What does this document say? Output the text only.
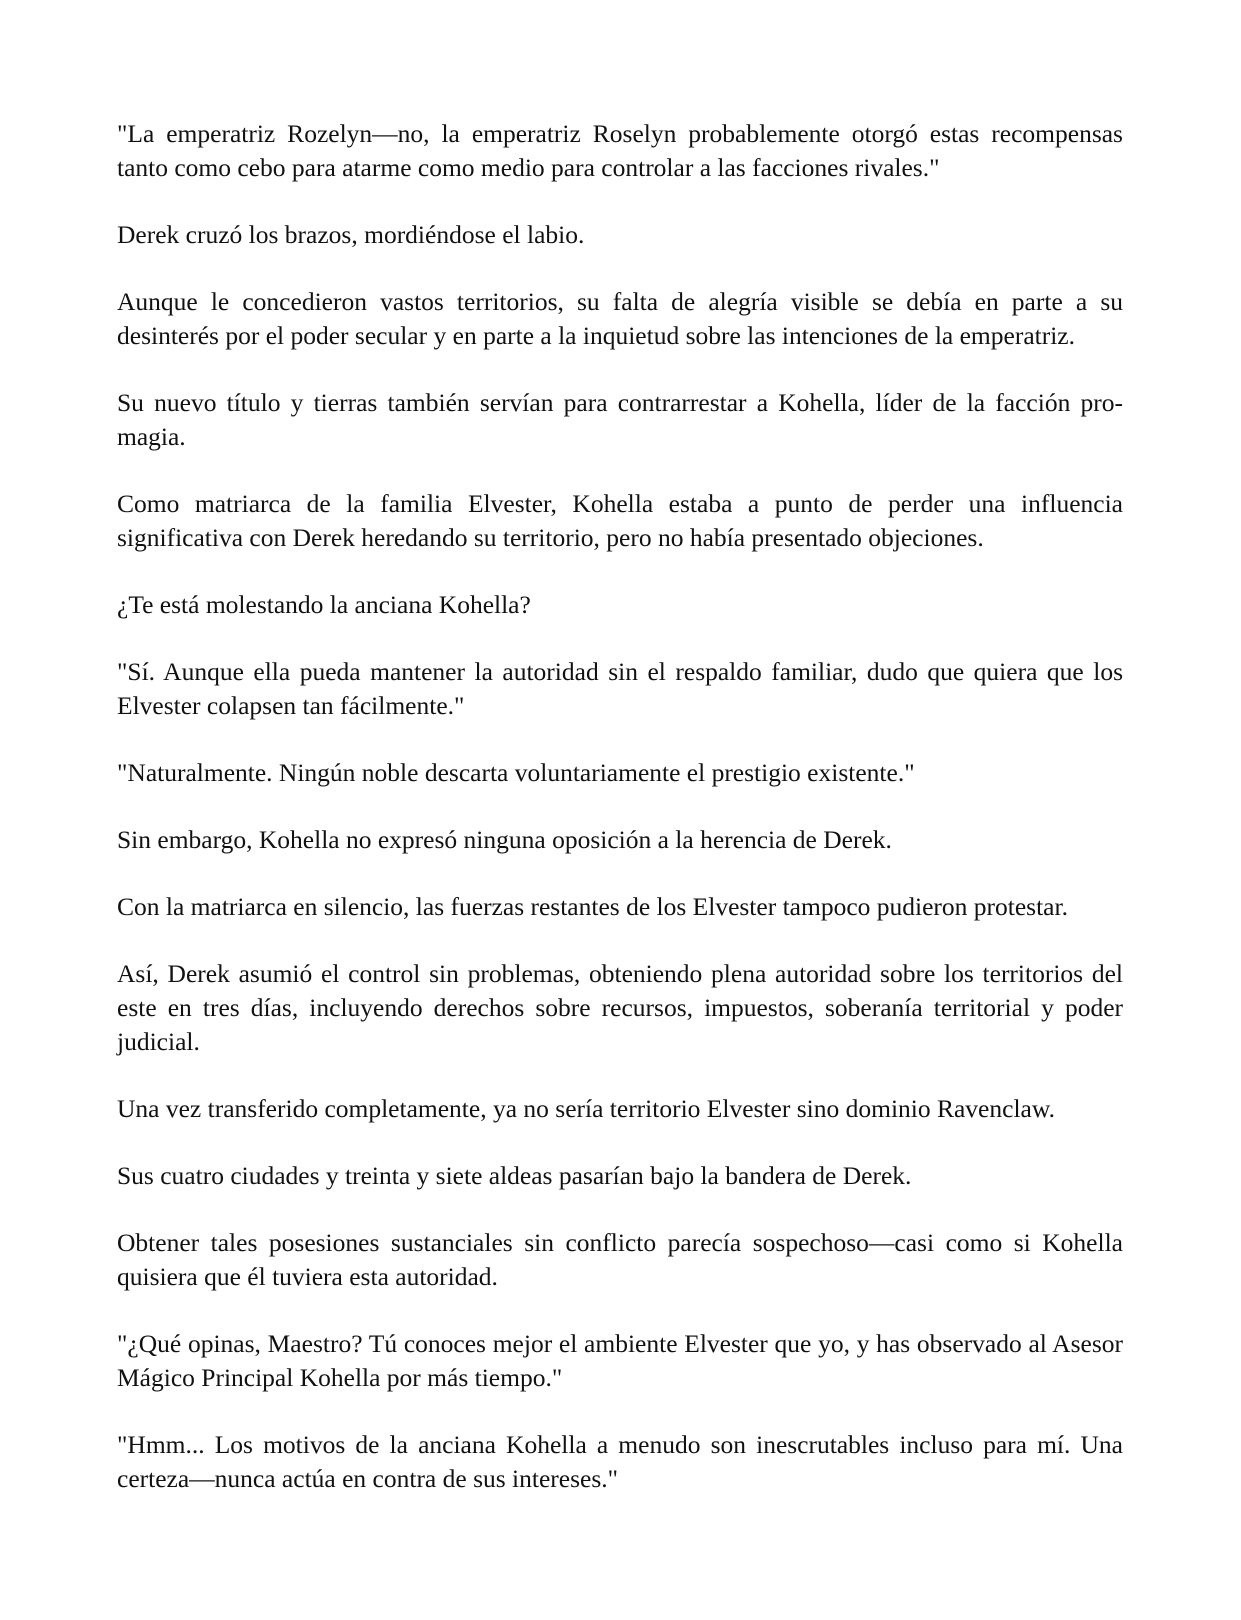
"La emperatriz Rozelyn—no, la emperatriz Roselyn probablemente otorgó estas recompensas tanto como cebo para atarme como medio para controlar a las facciones rivales."

Derek cruzó los brazos, mordiéndose el labio.

Aunque le concedieron vastos territorios, su falta de alegría visible se debía en parte a su desinterés por el poder secular y en parte a la inquietud sobre las intenciones de la emperatriz.

Su nuevo título y tierras también servían para contrarrestar a Kohella, líder de la facción pro-magia.

Como matriarca de la familia Elvester, Kohella estaba a punto de perder una influencia significativa con Derek heredando su territorio, pero no había presentado objeciones.

¿Te está molestando la anciana Kohella?

"Sí. Aunque ella pueda mantener la autoridad sin el respaldo familiar, dudo que quiera que los Elvester colapsen tan fácilmente."

"Naturalmente. Ningún noble descarta voluntariamente el prestigio existente."

Sin embargo, Kohella no expresó ninguna oposición a la herencia de Derek.

Con la matriarca en silencio, las fuerzas restantes de los Elvester tampoco pudieron protestar.

Así, Derek asumió el control sin problemas, obteniendo plena autoridad sobre los territorios del este en tres días, incluyendo derechos sobre recursos, impuestos, soberanía territorial y poder judicial.

Una vez transferido completamente, ya no sería territorio Elvester sino dominio Ravenclaw.

Sus cuatro ciudades y treinta y siete aldeas pasarían bajo la bandera de Derek.

Obtener tales posesiones sustanciales sin conflicto parecía sospechoso—casi como si Kohella quisiera que él tuviera esta autoridad.

"¿Qué opinas, Maestro? Tú conoces mejor el ambiente Elvester que yo, y has observado al Asesor Mágico Principal Kohella por más tiempo."

"Hmm... Los motivos de la anciana Kohella a menudo son inescrutables incluso para mí. Una certeza—nunca actúa en contra de sus intereses."
